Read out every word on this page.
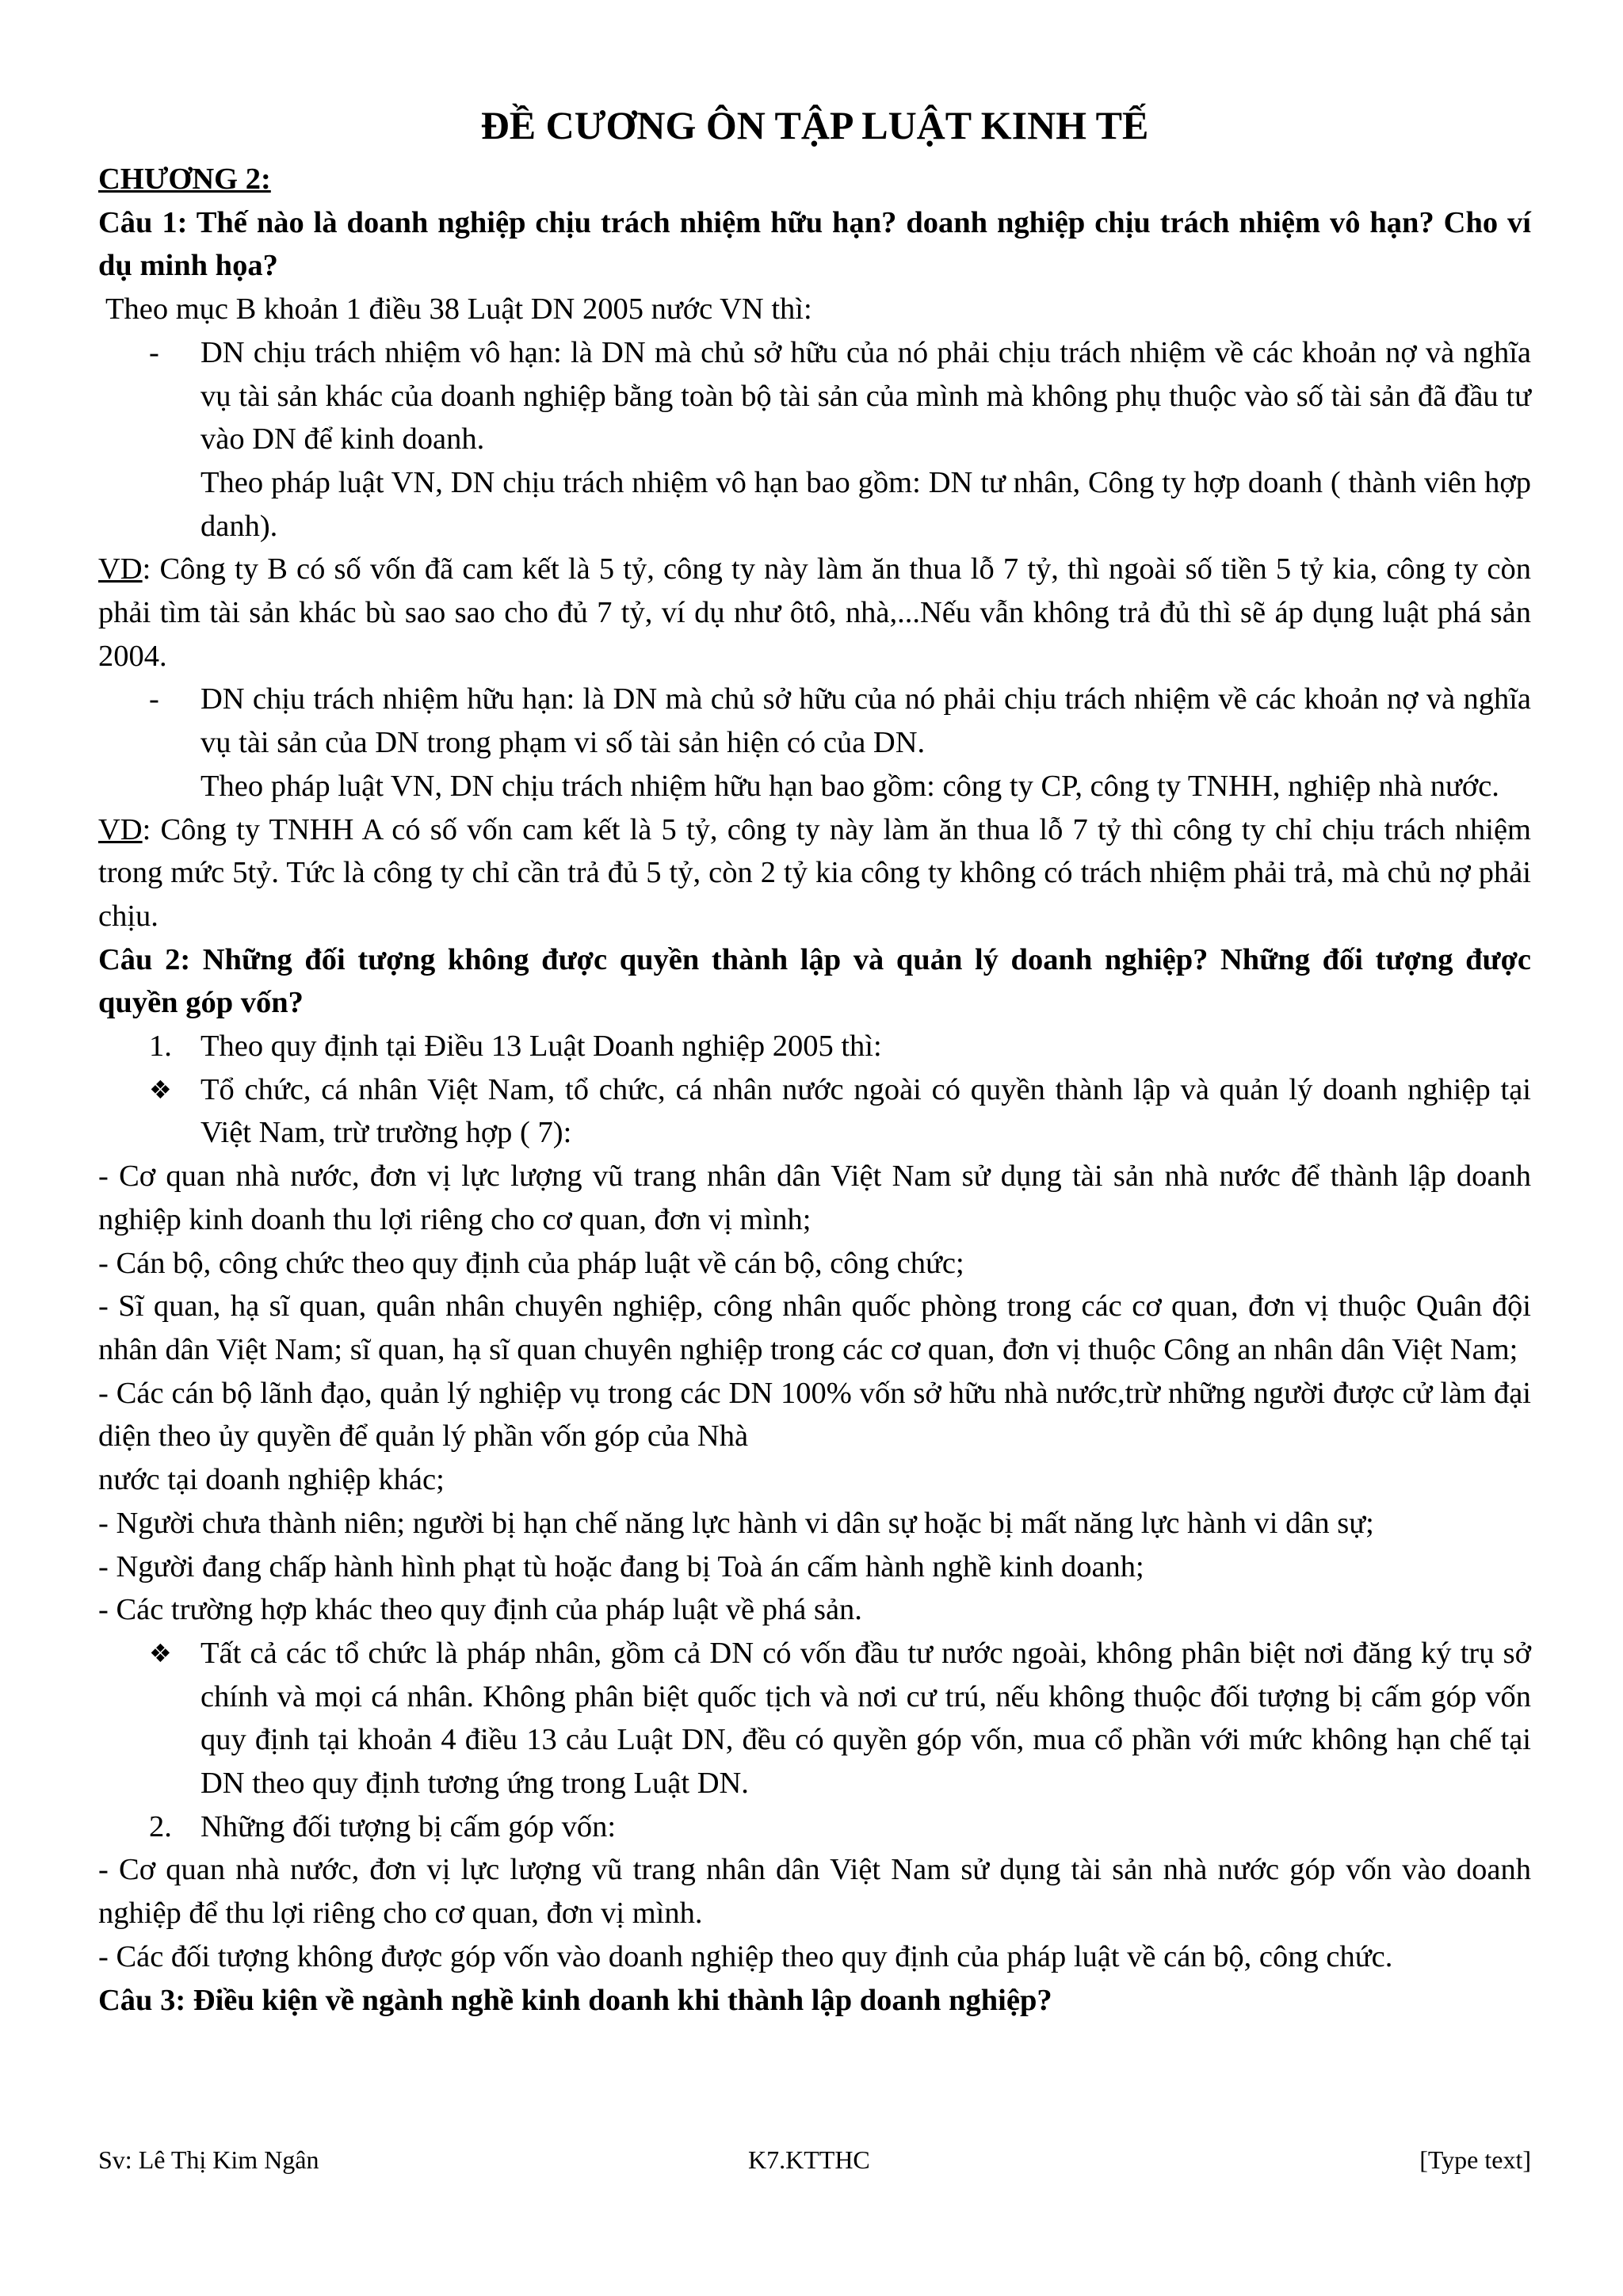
ĐỀ CƯƠNG ÔN TẬP LUẬT KINH TẾ

CHƯƠNG 2:

Câu 1: Thế nào là doanh nghiệp chịu trách nhiệm hữu hạn? doanh nghiệp chịu trách nhiệm vô hạn? Cho ví dụ minh họa?

Theo mục B khoản 1 điều 38 Luật DN 2005 nước VN thì:

- DN chịu trách nhiệm vô hạn: là DN mà chủ sở hữu của nó phải chịu trách nhiệm về các khoản nợ và nghĩa vụ tài sản khác của doanh nghiệp bằng toàn bộ tài sản của mình mà không phụ thuộc vào số tài sản đã đầu tư vào DN để kinh doanh.

Theo pháp luật VN, DN chịu trách nhiệm vô hạn bao gồm: DN tư nhân, Công ty hợp doanh ( thành viên hợp danh).

VD: Công ty B có số vốn đã cam kết là 5 tỷ, công ty này làm ăn thua lỗ 7 tỷ, thì ngoài số tiền 5 tỷ kia, công ty còn phải tìm tài sản khác bù sao sao cho đủ 7 tỷ, ví dụ như ôtô, nhà,...Nếu vẫn không trả đủ thì sẽ áp dụng luật phá sản 2004.

- DN chịu trách nhiệm hữu hạn: là DN mà chủ sở hữu của nó phải chịu trách nhiệm về các khoản nợ và nghĩa vụ tài sản của DN trong phạm vi số tài sản hiện có của DN.

Theo pháp luật VN, DN chịu trách nhiệm hữu hạn bao gồm: công ty CP, công ty TNHH, nghiệp nhà nước.

VD: Công ty TNHH A có số vốn cam kết là 5 tỷ, công ty này làm ăn thua lỗ 7 tỷ thì công ty chỉ chịu trách nhiệm trong mức 5tỷ. Tức là công ty chỉ cần trả đủ 5 tỷ, còn 2 tỷ kia công ty không có trách nhiệm phải trả, mà chủ nợ phải chịu.

Câu 2: Những đối tượng không được quyền thành lập và quản lý doanh nghiệp? Những đối tượng được quyền góp vốn?

1. Theo quy định tại Điều 13 Luật Doanh nghiệp 2005 thì:
❖ Tổ chức, cá nhân Việt Nam, tổ chức, cá nhân nước ngoài có quyền thành lập và quản lý doanh nghiệp tại Việt Nam, trừ trường hợp ( 7):

- Cơ quan nhà nước, đơn vị lực lượng vũ trang nhân dân Việt Nam sử dụng tài sản nhà nước để thành lập doanh nghiệp kinh doanh thu lợi riêng cho cơ quan, đơn vị mình;

- Cán bộ, công chức theo quy định của pháp luật về cán bộ, công chức;

- Sĩ quan, hạ sĩ quan, quân nhân chuyên nghiệp, công nhân quốc phòng trong các cơ quan, đơn vị thuộc Quân đội nhân dân Việt Nam; sĩ quan, hạ sĩ quan chuyên nghiệp trong các cơ quan, đơn vị thuộc Công an nhân dân Việt Nam;

- Các cán bộ lãnh đạo, quản lý nghiệp vụ trong các DN 100% vốn sở hữu nhà nước,trừ những người được cử làm đại diện theo ủy quyền để quản lý phần vốn góp của Nhà

nước tại doanh nghiệp khác;

- Người chưa thành niên; người bị hạn chế năng lực hành vi dân sự hoặc bị mất năng lực hành vi dân sự;

- Người đang chấp hành hình phạt tù hoặc đang bị Toà án cấm hành nghề kinh doanh;

- Các trường hợp khác theo quy định của pháp luật về phá sản.

❖ Tất cả các tổ chức là pháp nhân, gồm cả DN có vốn đầu tư nước ngoài, không phân biệt nơi đăng ký trụ sở chính và mọi cá nhân. Không phân biệt quốc tịch và nơi cư trú, nếu không thuộc đối tượng bị cấm góp vốn quy định tại khoản 4 điều 13 cảu Luật DN, đều có quyền góp vốn, mua cổ phần với mức không hạn chế tại DN theo quy định tương ứng trong Luật DN.
2. Những đối tượng bị cấm góp vốn:

- Cơ quan nhà nước, đơn vị lực lượng vũ trang nhân dân Việt Nam sử dụng tài sản nhà nước góp vốn vào doanh nghiệp để thu lợi riêng cho cơ quan, đơn vị mình.

- Các đối tượng không được góp vốn vào doanh nghiệp theo quy định của pháp luật về cán bộ, công chức.

Câu 3: Điều kiện về ngành nghề kinh doanh khi thành lập doanh nghiệp?

Sv: Lê Thị Kim Ngân	K7.KTTHC	[Type text]
